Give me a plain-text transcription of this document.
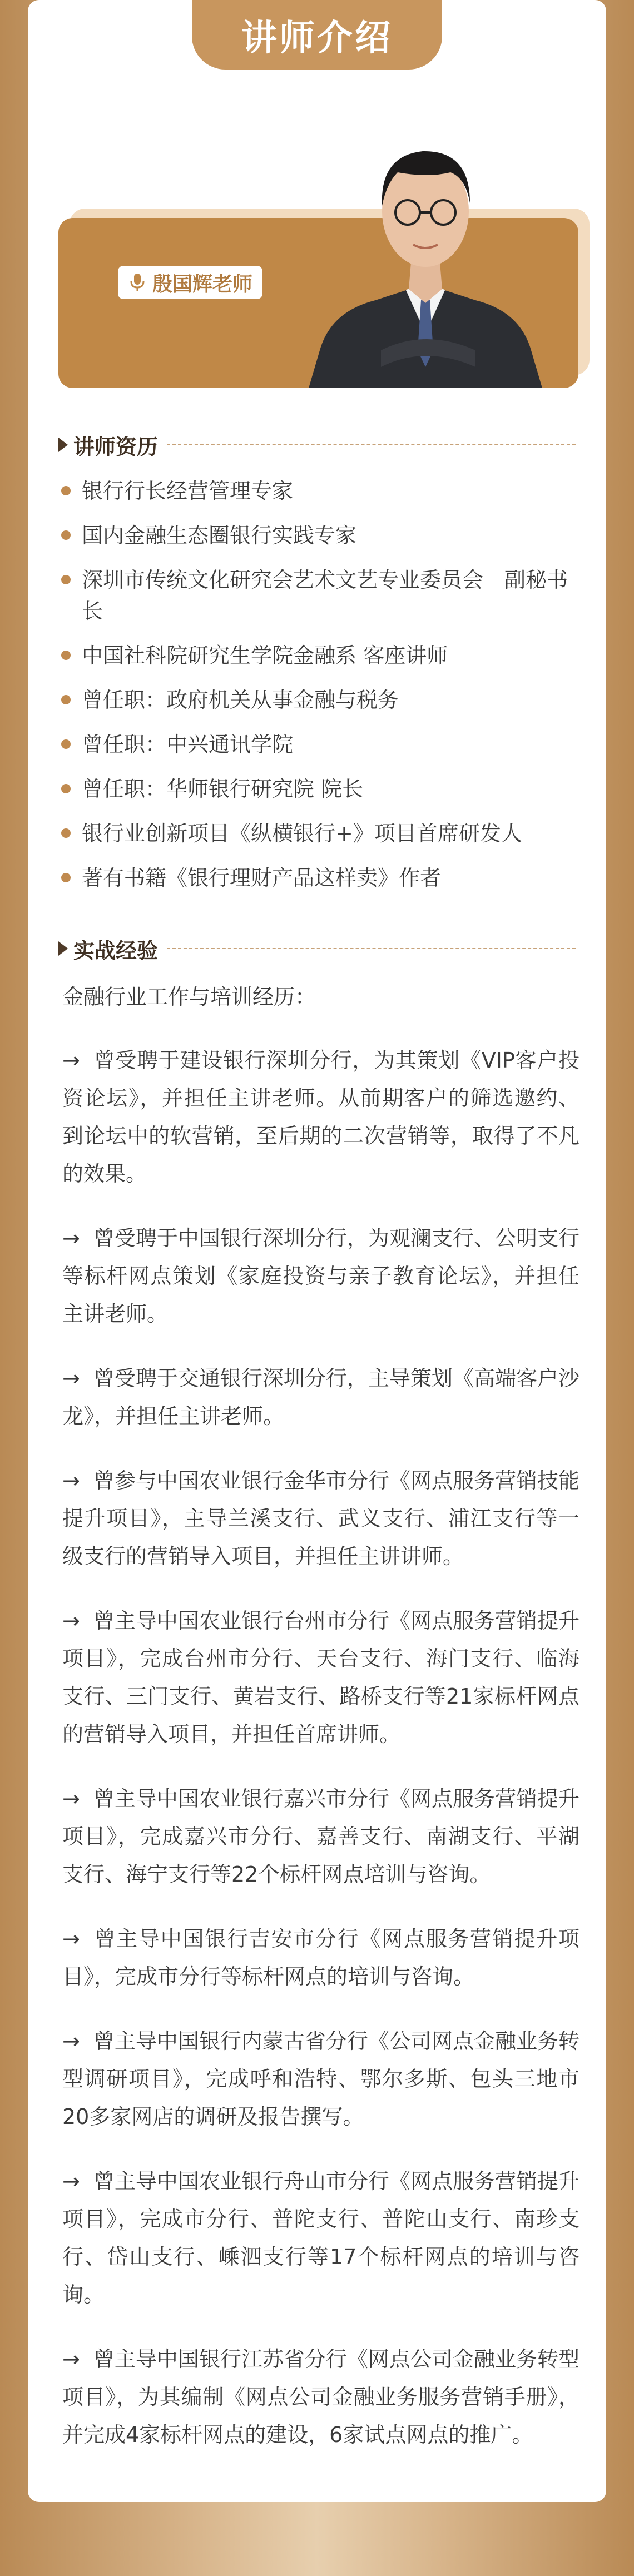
讲师介绍
殷国辉老师
讲师资历
银行行长经营管理专家
国内金融生态圈银行实践专家
深圳市传统文化研究会艺术文艺专业委员会　副秘书长
中国社科院研究生学院金融系 客座讲师
曾任职：政府机关从事金融与税务
曾任职：中兴通讯学院
曾任职：华师银行研究院 院长
银行业创新项目《纵横银行+》项目首席研发人
著有书籍《银行理财产品这样卖》作者
实战经验

金融行业工作与培训经历：

→ 曾受聘于建设银行深圳分行，为其策划《VIP客户投资论坛》，并担任主讲老师。从前期客户的筛选邀约、到论坛中的软营销，至后期的二次营销等，取得了不凡的效果。

→ 曾受聘于中国银行深圳分行，为观澜支行、公明支行等标杆网点策划《家庭投资与亲子教育论坛》，并担任主讲老师。

→ 曾受聘于交通银行深圳分行，主导策划《高端客户沙龙》，并担任主讲老师。

→ 曾参与中国农业银行金华市分行《网点服务营销技能提升项目》，主导兰溪支行、武义支行、浦江支行等一级支行的营销导入项目，并担任主讲讲师。

→ 曾主导中国农业银行台州市分行《网点服务营销提升项目》，完成台州市分行、天台支行、海门支行、临海支行、三门支行、黄岩支行、路桥支行等21家标杆网点的营销导入项目，并担任首席讲师。

→ 曾主导中国农业银行嘉兴市分行《网点服务营销提升项目》，完成嘉兴市分行、嘉善支行、南湖支行、平湖支行、海宁支行等22个标杆网点培训与咨询。

→ 曾主导中国银行吉安市分行《网点服务营销提升项目》，完成市分行等标杆网点的培训与咨询。

→ 曾主导中国银行内蒙古省分行《公司网点金融业务转型调研项目》，完成呼和浩特、鄂尔多斯、包头三地市20多家网店的调研及报告撰写。

→ 曾主导中国农业银行舟山市分行《网点服务营销提升项目》，完成市分行、普陀支行、普陀山支行、南珍支行、岱山支行、嵊泗支行等17个标杆网点的培训与咨询。

→ 曾主导中国银行江苏省分行《网点公司金融业务转型项目》，为其编制《网点公司金融业务服务营销手册》，并完成4家标杆网点的建设，6家试点网点的推广。
